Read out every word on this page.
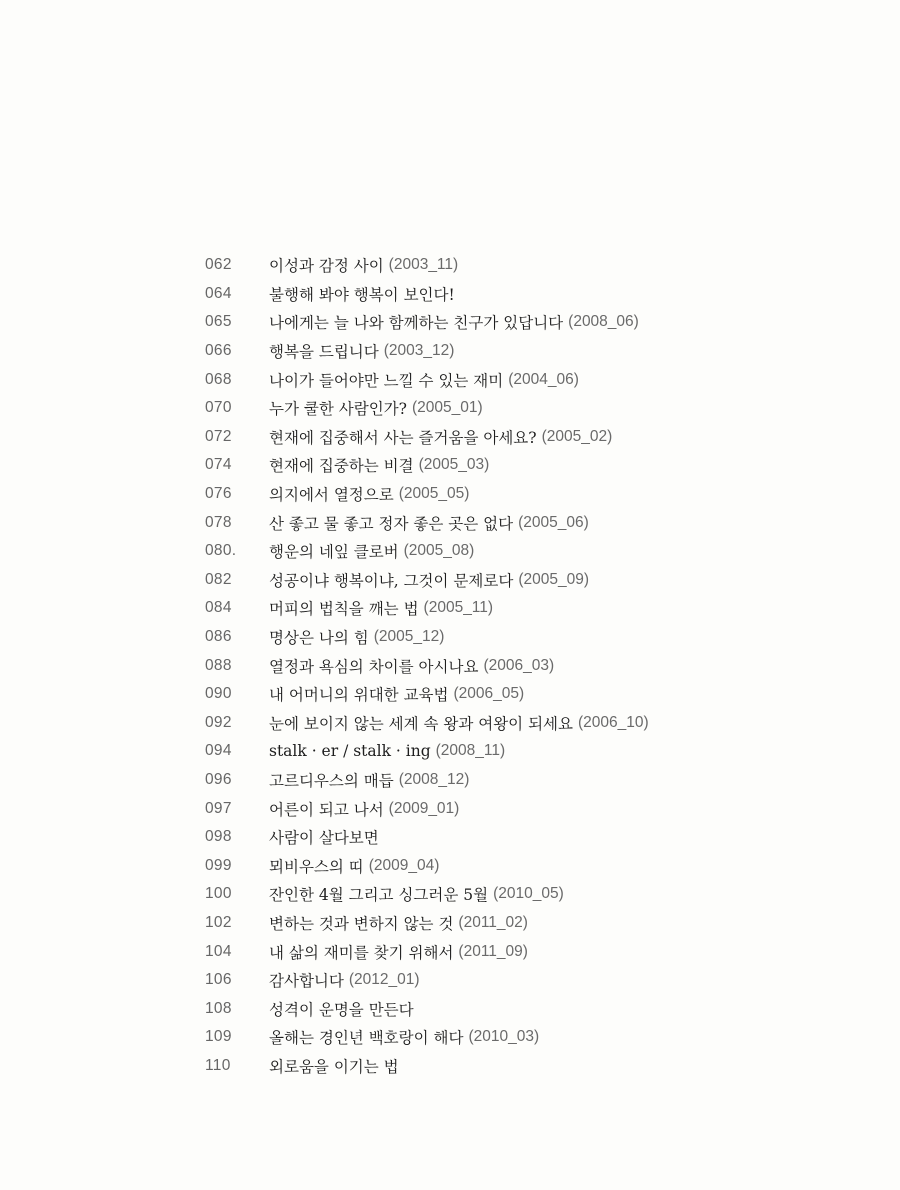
062	이성과 감정 사이 (2003_11)
064	불행해 봐야 행복이 보인다!
065	나에게는 늘 나와 함께하는 친구가 있답니다 (2008_06)
066	행복을 드립니다 (2003_12)
068	나이가 들어야만 느낄 수 있는 재미 (2004_06)
070	누가 쿨한 사람인가? (2005_01)
072	현재에 집중해서 사는 즐거움을 아세요? (2005_02)
074	현재에 집중하는 비결 (2005_03)
076	의지에서 열정으로 (2005_05)
078	산 좋고 물 좋고 정자 좋은 곳은 없다 (2005_06)
080.	행운의 네잎 클로버 (2005_08)
082	성공이냐 행복이냐, 그것이 문제로다 (2005_09)
084	머피의 법칙을 깨는 법 (2005_11)
086	명상은 나의 힘 (2005_12)
088	열정과 욕심의 차이를 아시나요 (2006_03)
090	내 어머니의 위대한 교육법 (2006_05)
092	눈에 보이지 않는 세계 속 왕과 여왕이 되세요 (2006_10)
094	stalk · er / stalk · ing (2008_11)
096	고르디우스의 매듭 (2008_12)
097	어른이 되고 나서 (2009_01)
098	사람이 살다보면
099	뫼비우스의 띠 (2009_04)
100	잔인한 4월 그리고 싱그러운 5월 (2010_05)
102	변하는 것과 변하지 않는 것 (2011_02)
104	내 삶의 재미를 찾기 위해서 (2011_09)
106	감사합니다 (2012_01)
108	성격이 운명을 만든다
109	올해는 경인년 백호랑이 해다 (2010_03)
110	외로움을 이기는 법
